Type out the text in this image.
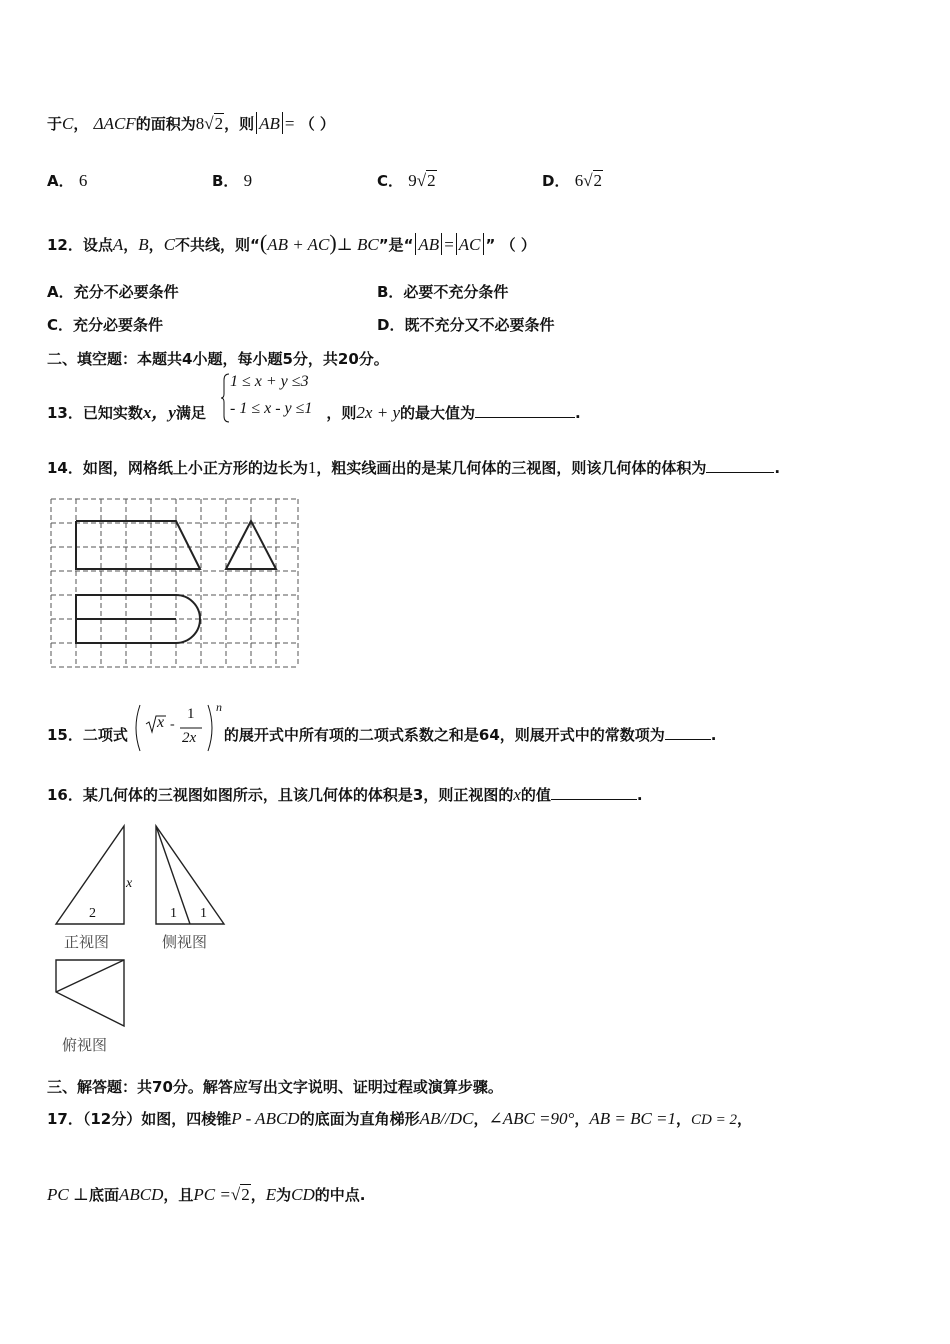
于C， ΔACF的面积为8√2，则 AB = （ ）
A． 6	B． 9	C． 9√2	D． 6√2
12．设点A，B，C不共线，则“(AB + AC)⊥ BC”是“ AB = AC ” （ ）
A．充分不必要条件	B．必要不充分条件
C．充分必要条件	D．既不充分又不必要条件
二、填空题：本题共4小题，每小题5分，共20分。
13．已知实数x，y满足	，则2x + y的最大值为	.
1 ≤ x + y ≤3
- 1 ≤ x - y ≤1
14．如图，网格纸上小正方形的边长为1，粗实线画出的是某几何体的三视图，则该几何体的体积为	.
15．二项式	的展开式中所有项的二项式系数之和是64，则展开式中的常数项为	.
x -
1
2x
n
16．某几何体的三视图如图所示，且该几何体的体积是3，则正视图的x的值	.
2
x
1 1
正视图	侧视图
俯视图
三、解答题：共70分。解答应写出文字说明、证明过程或演算步骤。
17．（12分）如图，四棱锥P - ABCD的底面为直角梯形AB//DC，∠ABC =90°，AB = BC =1，CD = 2，
PC ⊥底面ABCD，且PC =√2，E为CD的中点.
